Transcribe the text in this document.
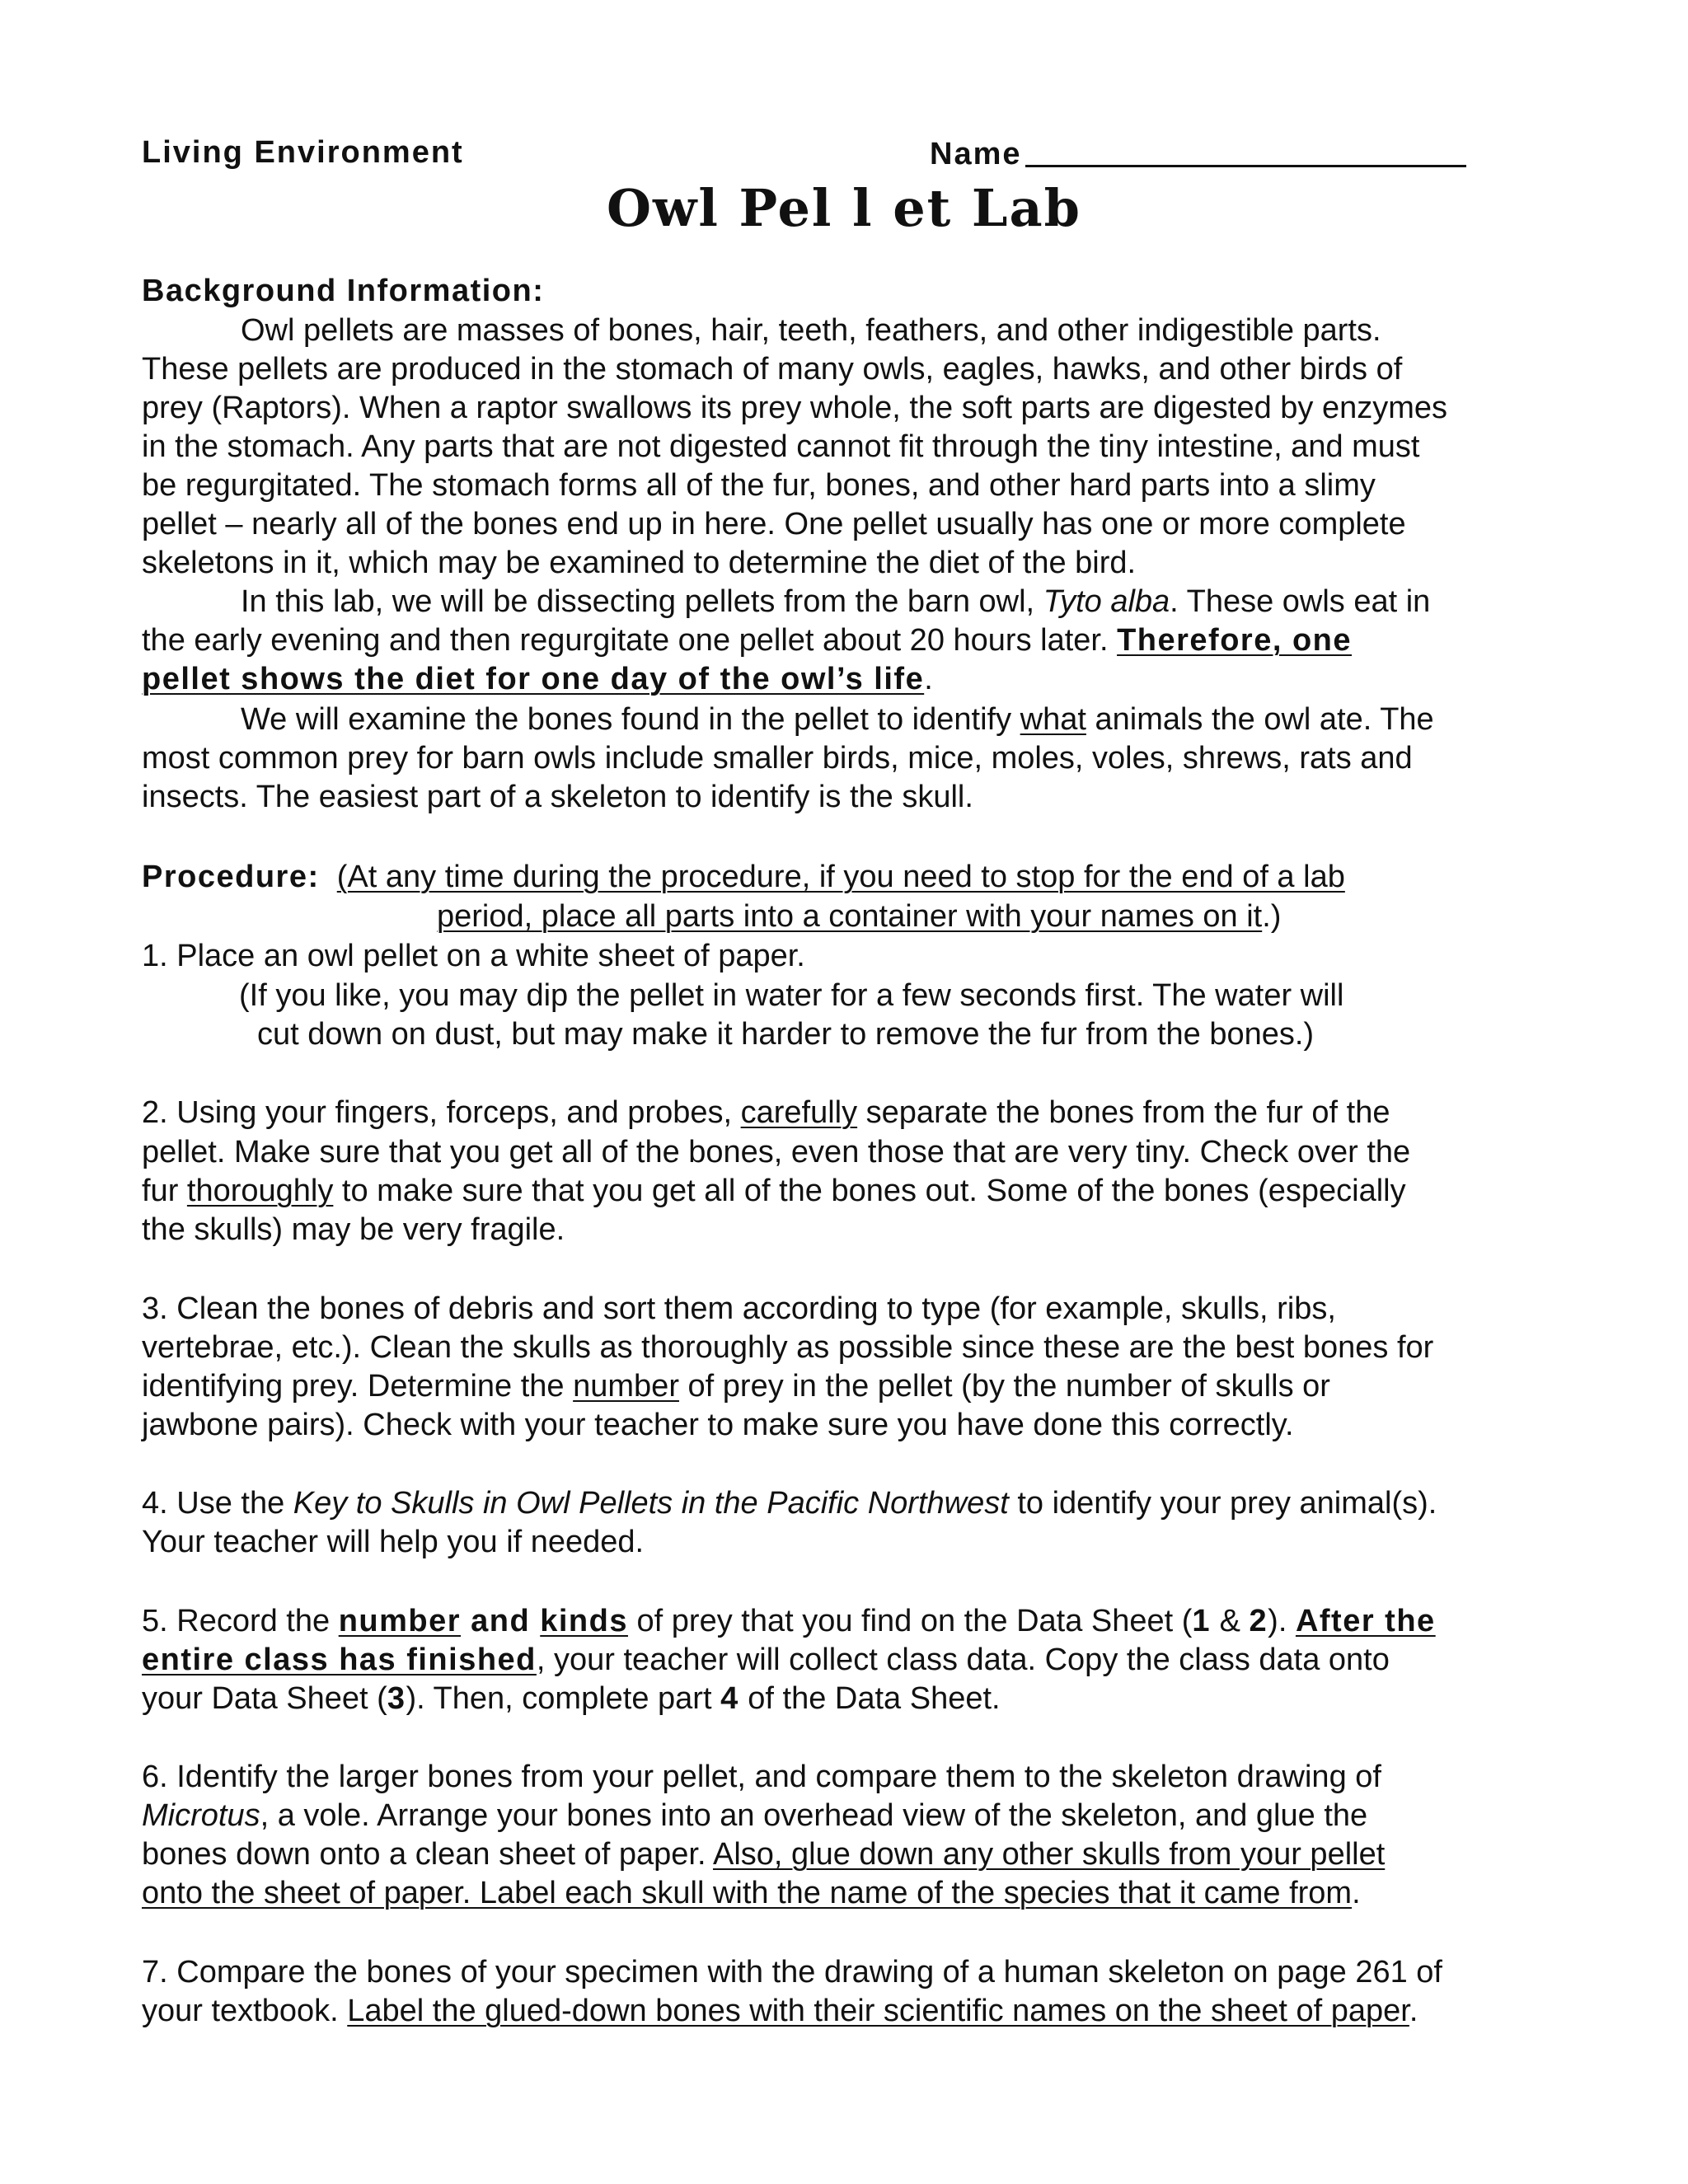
Living Environment	Name
Owl Pel l et Lab
Background Information:
Owl pellets are masses of bones, hair, teeth, feathers, and other indigestible parts.
These pellets are produced in the stomach of many owls, eagles, hawks, and other birds of
prey (Raptors). When a raptor swallows its prey whole, the soft parts are digested by enzymes
in the stomach. Any parts that are not digested cannot fit through the tiny intestine, and must
be regurgitated. The stomach forms all of the fur, bones, and other hard parts into a slimy
pellet – nearly all of the bones end up in here. One pellet usually has one or more complete
skeletons in it, which may be examined to determine the diet of the bird.
In this lab, we will be dissecting pellets from the barn owl, Tyto alba. These owls eat in
the early evening and then regurgitate one pellet about 20 hours later. Therefore, one
pellet shows the diet for one day of the owl’s life.
We will examine the bones found in the pellet to identify what animals the owl ate. The
most common prey for barn owls include smaller birds, mice, moles, voles, shrews, rats and
insects. The easiest part of a skeleton to identify is the skull.
Procedure: (At any time during the procedure, if you need to stop for the end of a lab
period, place all parts into a container with your names on it.)
1. Place an owl pellet on a white sheet of paper.
(If you like, you may dip the pellet in water for a few seconds first. The water will
cut down on dust, but may make it harder to remove the fur from the bones.)
2. Using your fingers, forceps, and probes, carefully separate the bones from the fur of the
pellet. Make sure that you get all of the bones, even those that are very tiny. Check over the
fur thoroughly to make sure that you get all of the bones out. Some of the bones (especially
the skulls) may be very fragile.
3. Clean the bones of debris and sort them according to type (for example, skulls, ribs,
vertebrae, etc.). Clean the skulls as thoroughly as possible since these are the best bones for
identifying prey. Determine the number of prey in the pellet (by the number of skulls or
jawbone pairs). Check with your teacher to make sure you have done this correctly.
4. Use the Key to Skulls in Owl Pellets in the Pacific Northwest to identify your prey animal(s).
Your teacher will help you if needed.
5. Record the number and kinds of prey that you find on the Data Sheet (1 & 2). After the
entire class has finished, your teacher will collect class data. Copy the class data onto
your Data Sheet (3). Then, complete part 4 of the Data Sheet.
6. Identify the larger bones from your pellet, and compare them to the skeleton drawing of
Microtus, a vole. Arrange your bones into an overhead view of the skeleton, and glue the
bones down onto a clean sheet of paper. Also, glue down any other skulls from your pellet
onto the sheet of paper. Label each skull with the name of the species that it came from.
7. Compare the bones of your specimen with the drawing of a human skeleton on page 261 of
your textbook. Label the glued-down bones with their scientific names on the sheet of paper.
